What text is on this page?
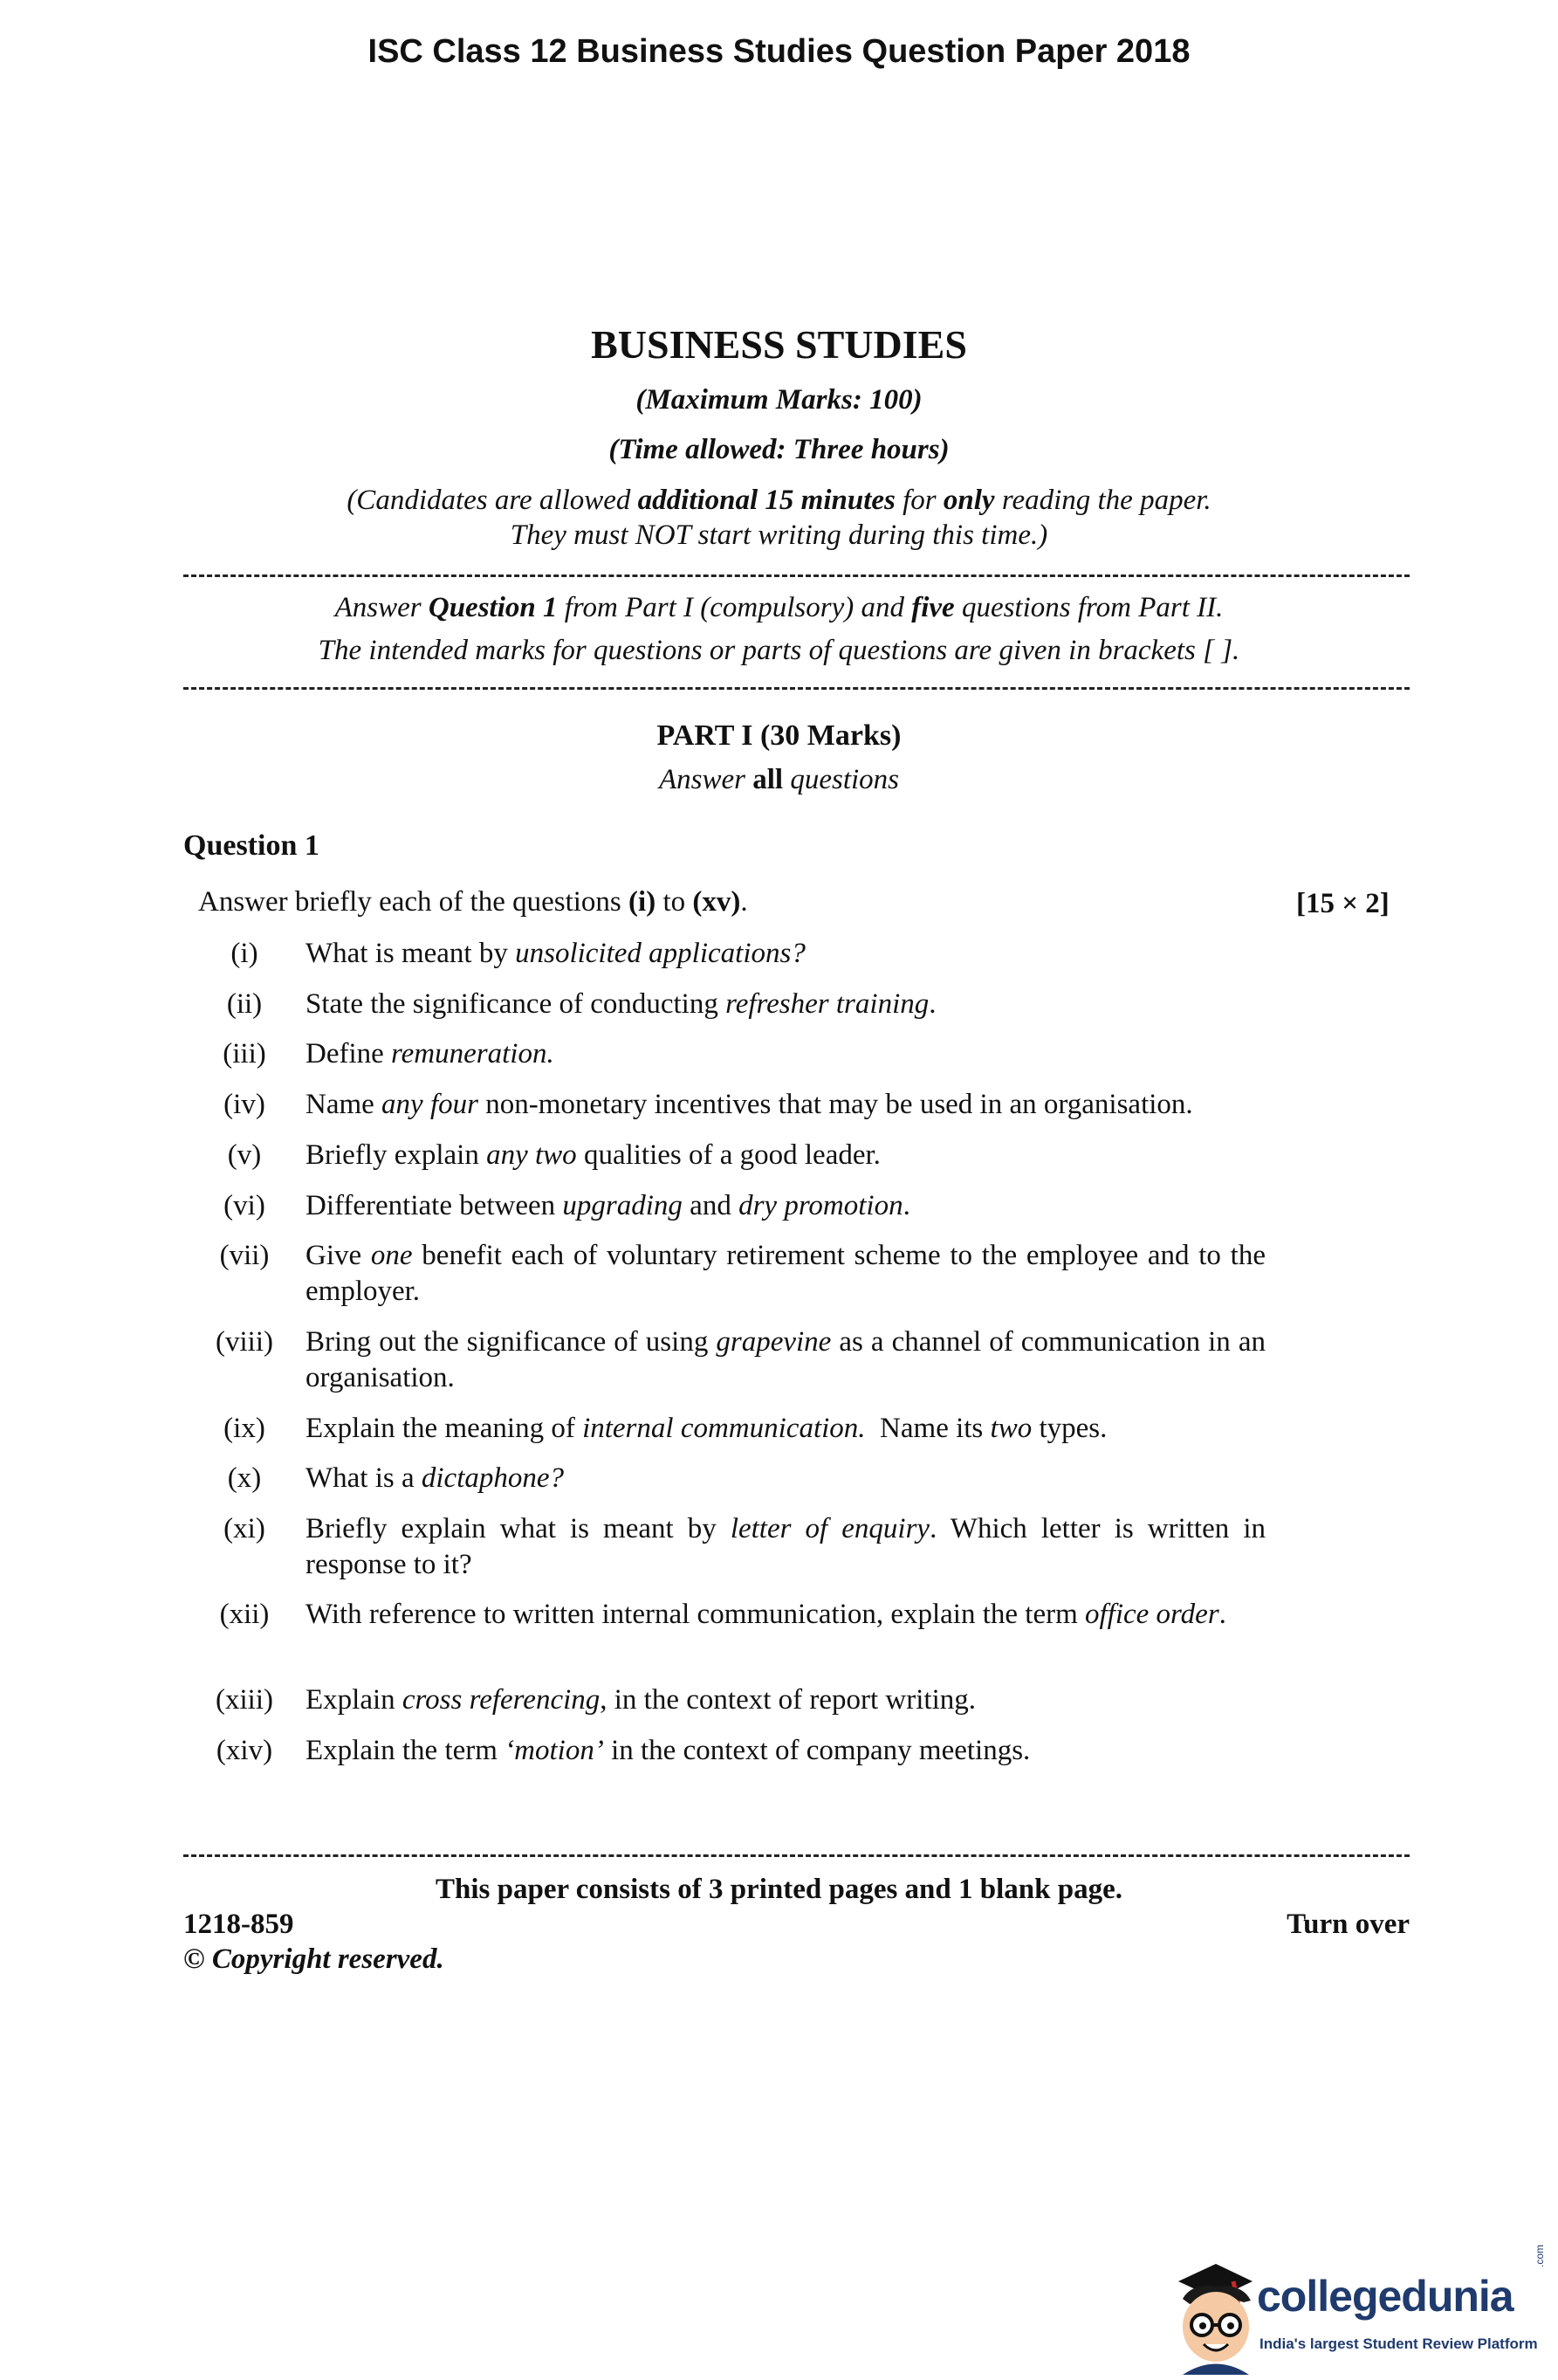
ISC Class 12 Business Studies Question Paper 2018
BUSINESS STUDIES
(Maximum Marks: 100)
(Time allowed: Three hours)
(Candidates are allowed additional 15 minutes for only reading the paper.
They must NOT start writing during this time.)
Answer Question 1 from Part I (compulsory) and five questions from Part II.
The intended marks for questions or parts of questions are given in brackets [ ].
PART I (30 Marks)
Answer all questions
Question 1
Answer briefly each of the questions (i) to (xv).	[15 × 2]
(i)	What is meant by unsolicited applications?
(ii)	State the significance of conducting refresher training.
(iii)	Define remuneration.
(iv)	Name any four non-monetary incentives that may be used in an organisation.
(v)	Briefly explain any two qualities of a good leader.
(vi)	Differentiate between upgrading and dry promotion.
(vii)	Give one benefit each of voluntary retirement scheme to the employee and to the employer.
(viii)	Bring out the significance of using grapevine as a channel of communication in an organisation.
(ix)	Explain the meaning of internal communication.  Name its two types.
(x)	What is a dictaphone?
(xi)	Briefly explain what is meant by letter of enquiry. Which letter is written in response to it?
(xii)	With reference to written internal communication, explain the term office order.
(xiii)	Explain cross referencing, in the context of report writing.
(xiv)	Explain the term ‘motion’ in the context of company meetings.
This paper consists of 3 printed pages and 1 blank page.
1218-859	Turn over
© Copyright reserved.
collegedunia
.com
India's largest Student Review Platform
